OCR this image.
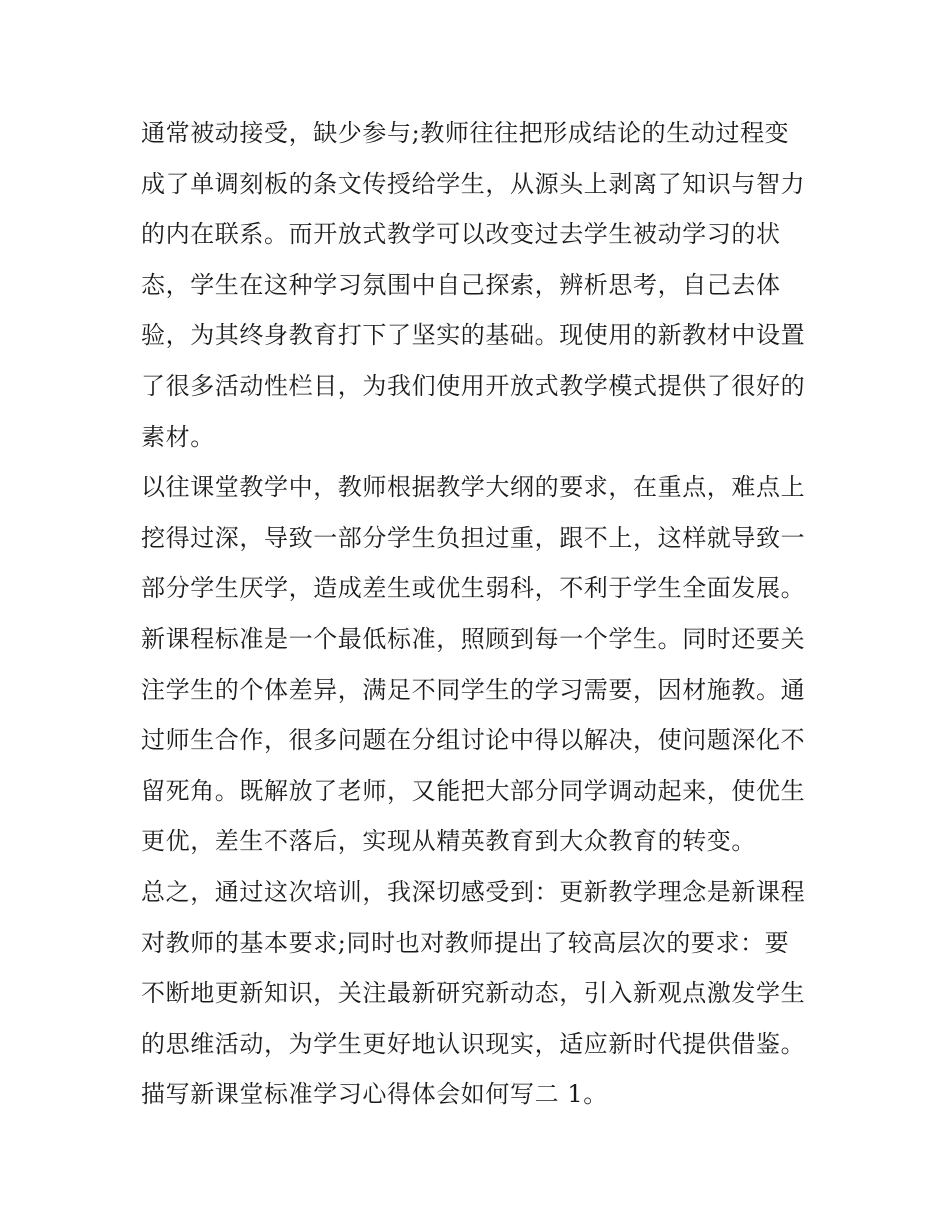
通常被动接受，缺少参与;教师往往把形成结论的生动过程变
成了单调刻板的条文传授给学生，从源头上剥离了知识与智力
的内在联系。而开放式教学可以改变过去学生被动学习的状
态，学生在这种学习氛围中自己探索，辨析思考，自己去体
验，为其终身教育打下了坚实的基础。现使用的新教材中设置
了很多活动性栏目，为我们使用开放式教学模式提供了很好的
素材。
以往课堂教学中，教师根据教学大纲的要求，在重点，难点上
挖得过深，导致一部分学生负担过重，跟不上，这样就导致一
部分学生厌学，造成差生或优生弱科，不利于学生全面发展。
新课程标准是一个最低标准，照顾到每一个学生。同时还要关
注学生的个体差异，满足不同学生的学习需要，因材施教。通
过师生合作，很多问题在分组讨论中得以解决，使问题深化不
留死角。既解放了老师，又能把大部分同学调动起来，使优生
更优，差生不落后，实现从精英教育到大众教育的转变。
总之，通过这次培训，我深切感受到：更新教学理念是新课程
对教师的基本要求;同时也对教师提出了较高层次的要求：要
不断地更新知识，关注最新研究新动态，引入新观点激发学生
的思维活动，为学生更好地认识现实，适应新时代提供借鉴。
描写新课堂标准学习心得体会如何写二 1。
